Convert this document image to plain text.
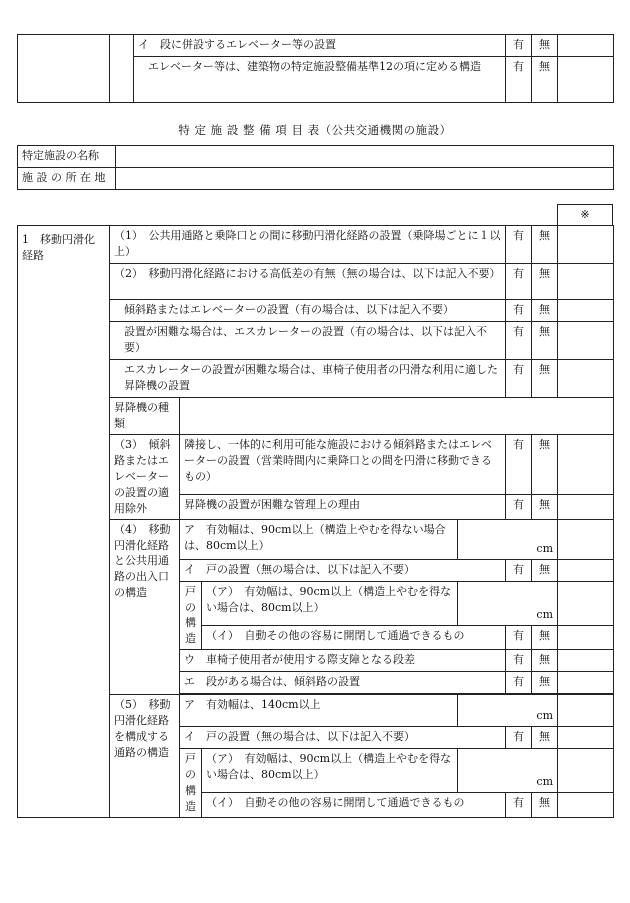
		イ　段に併設するエレベーター等の設置	有	無	
		エレベーター等は、建築物の特定施設整備基準12の項に定める構造	有	無	
特 定 施 設 整 備 項 目 表（公共交通機関の施設）
特定施設の名称	
施 設 の 所 在 地	
※
1　移動円滑化経路	（1）　公共用通路と乗降口との間に移動円滑化経路の設置（乗降場ごとに１以上）				有	無	
	（2）　移動円滑化経路における高低差の有無（無の場合は、以下は記入不要）				有	無	
	傾斜路またはエレベーターの設置（有の場合は、以下は記入不要）				有	無	
	設置が困難な場合は、エスカレーターの設置（有の場合は、以下は記入不要）				有	無	
	エスカレーターの設置が困難な場合は、車椅子使用者の円滑な利用に適した昇降機の設置				有	無	
	昇降機の種類						
	（3）　傾斜路またはエレベーターの設置の適用除外	隣接し、一体的に利用可能な施設における傾斜路またはエレベーターの設置（営業時間内に乗降口との間を円滑に移動できるもの）			有	無	
		昇降機の設置が困難な管理上の理由			有	無	
	（4）　移動円滑化経路と公共用通路の出入口の構造	ア　有効幅は、90cm以上（構造上やむを得ない場合は、80cm以上）		cm			
		イ　戸の設置（無の場合は、以下は記入不要）			有	無	
		戸の構造	（ア）　有効幅は、90cm以上（構造上やむを得ない場合は、80cm以上）	cm			
			（イ）　自動その他の容易に開閉して通過できるもの		有	無	
		ウ　車椅子使用者が使用する際支障となる段差			有	無	
		エ　段がある場合は、傾斜路の設置			有	無	

	（5）　移動円滑化経路を構成する通路の構造	ア　有効幅は、140cm以上		cm			
		イ　戸の設置（無の場合は、以下は記入不要）			有	無	
		戸の構造	（ア）　有効幅は、90cm以上（構造上やむを得ない場合は、80cm以上）	cm			
			（イ）　自動その他の容易に開閉して通過できるもの		有	無	
